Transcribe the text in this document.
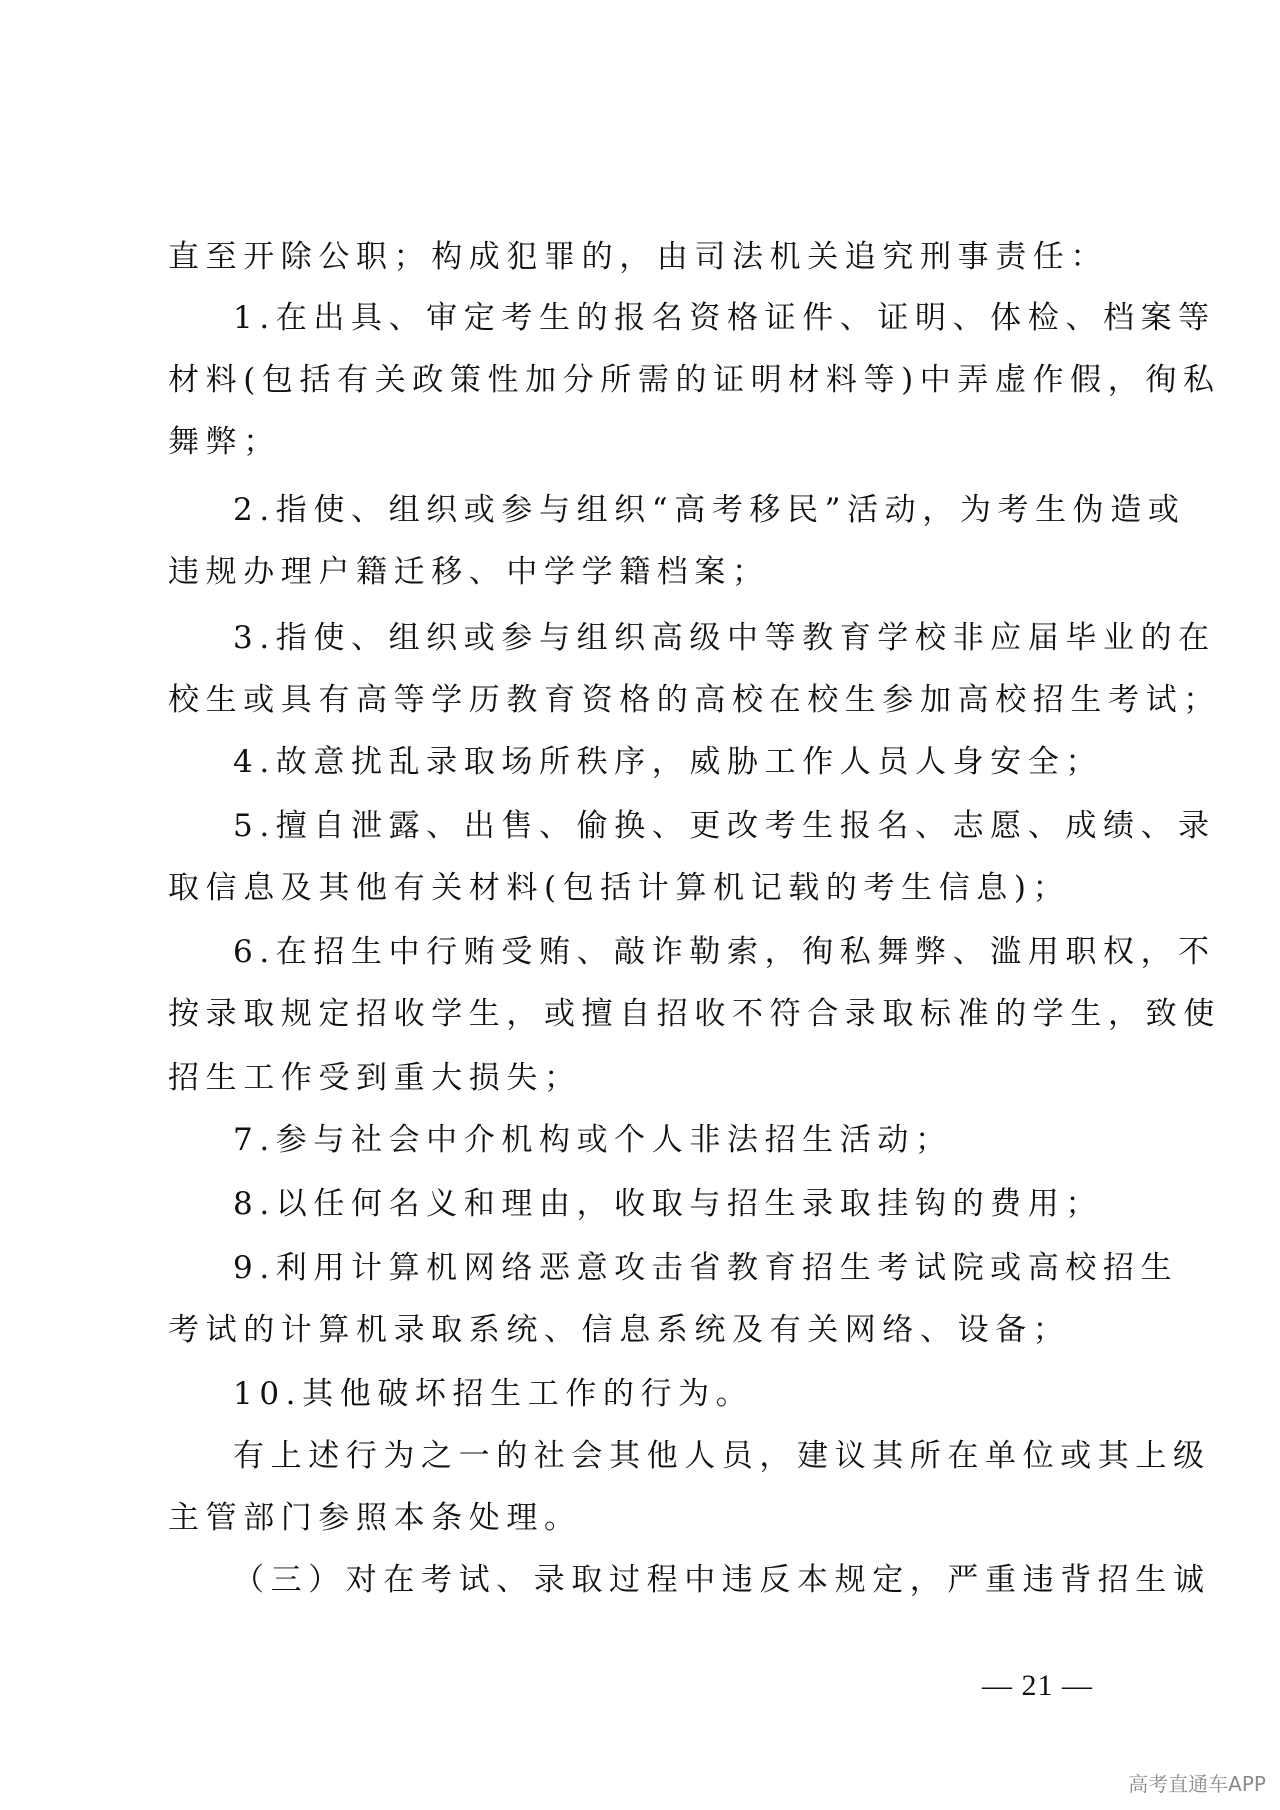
直至开除公职；构成犯罪的，由司法机关追究刑事责任：
1.在出具、审定考生的报名资格证件、证明、体检、档案等
材料(包括有关政策性加分所需的证明材料等)中弄虚作假，徇私
舞弊；
2.指使、组织或参与组织“高考移民”活动，为考生伪造或
违规办理户籍迁移、中学学籍档案；
3.指使、组织或参与组织高级中等教育学校非应届毕业的在
校生或具有高等学历教育资格的高校在校生参加高校招生考试；
4.故意扰乱录取场所秩序，威胁工作人员人身安全；
5.擅自泄露、出售、偷换、更改考生报名、志愿、成绩、录
取信息及其他有关材料(包括计算机记载的考生信息)；
6.在招生中行贿受贿、敲诈勒索，徇私舞弊、滥用职权，不
按录取规定招收学生，或擅自招收不符合录取标准的学生，致使
招生工作受到重大损失；
7.参与社会中介机构或个人非法招生活动；
8.以任何名义和理由，收取与招生录取挂钩的费用；
9.利用计算机网络恶意攻击省教育招生考试院或高校招生
考试的计算机录取系统、信息系统及有关网络、设备；
10.其他破坏招生工作的行为。
有上述行为之一的社会其他人员，建议其所在单位或其上级
主管部门参照本条处理。
（三）对在考试、录取过程中违反本规定，严重违背招生诚
— 21 —
高考直通车APP
